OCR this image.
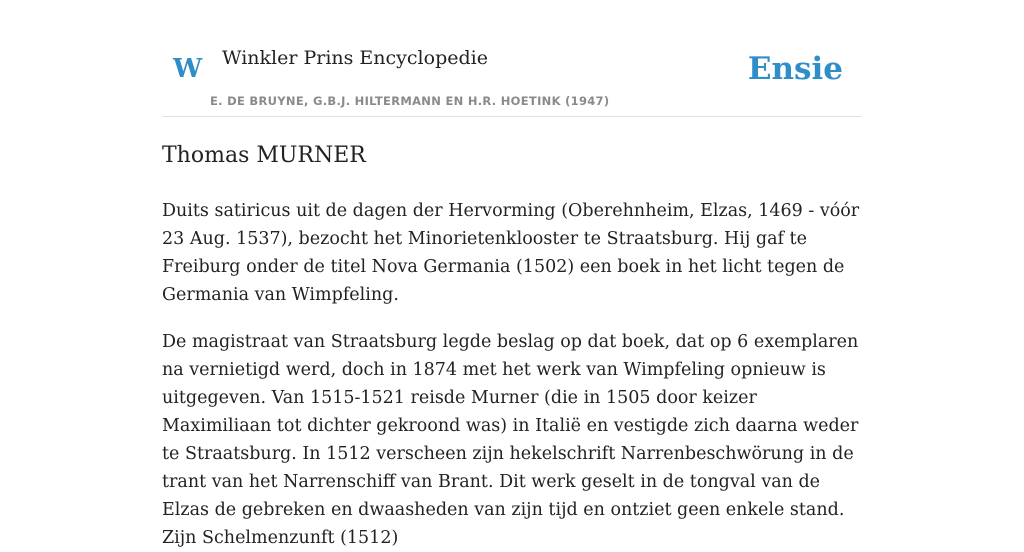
W Winkler Prins Encyclopedie
E. DE BRUYNE, G.B.J. HILTERMANN EN H.R. HOETINK (1947)
Ensie
Thomas MURNER

Duits satiricus uit de dagen der Hervorming (Oberehnheim, Elzas, 1469 - vóór 23 Aug. 1537), bezocht het Minorietenklooster te Straatsburg. Hij gaf te Freiburg onder de titel Nova Germania (1502) een boek in het licht tegen de Germania van Wimpfeling.

De magistraat van Straatsburg legde beslag op dat boek, dat op 6 exemplaren na vernietigd werd, doch in 1874 met het werk van Wimpfeling opnieuw is uitgegeven. Van 1515-1521 reisde Murner (die in 1505 door keizer Maximiliaan tot dichter gekroond was) in Italië en vestigde zich daarna weder te Straatsburg. In 1512 verscheen zijn hekelschrift Narrenbeschwörung in de trant van het Narrenschiff van Brant. Dit werk geselt in de tongval van de Elzas de gebreken en dwaasheden van zijn tijd en ontziet geen enkele stand. Zijn Schelmenzunft (1512)
